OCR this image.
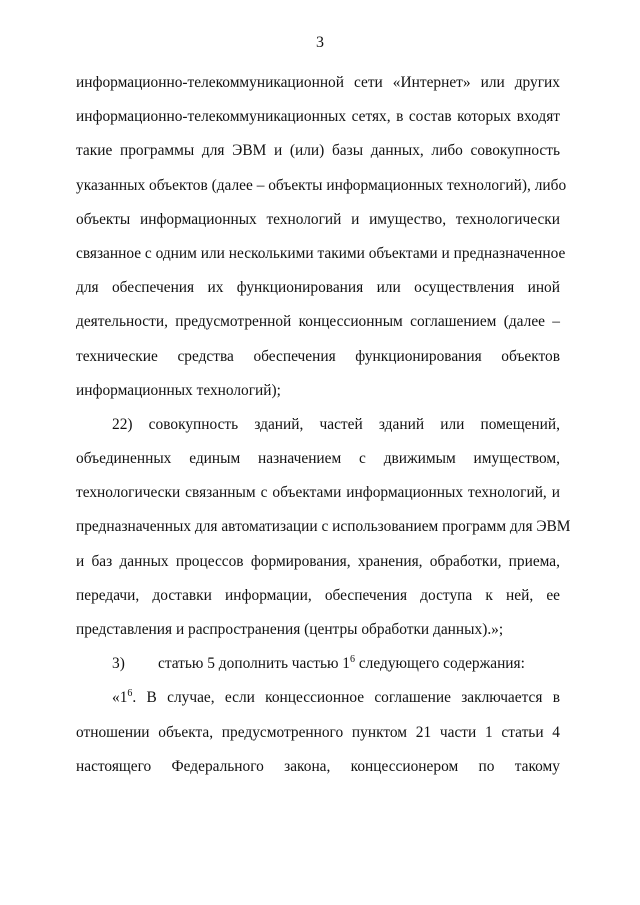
3
информационно-телекоммуникационной сети «Интернет» или других
информационно-телекоммуникационных сетях, в состав которых входят
такие программы для ЭВМ и (или) базы данных, либо совокупность
указанных объектов (далее – объекты информационных технологий), либо
объекты информационных технологий и имущество, технологически
связанное с одним или несколькими такими объектами и предназначенное
для обеспечения их функционирования или осуществления иной
деятельности, предусмотренной концессионным соглашением (далее –
технические средства обеспечения функционирования объектов
информационных технологий);
22) совокупность зданий, частей зданий или помещений,
объединенных единым назначением с движимым имуществом,
технологически связанным с объектами информационных технологий, и
предназначенных для автоматизации с использованием программ для ЭВМ
и баз данных процессов формирования, хранения, обработки, приема,
передачи, доставки информации, обеспечения доступа к ней, ее
представления и распространения (центры обработки данных).»;
3) статью 5 дополнить частью $1^6$ следующего содержания:
«$1^6$. В случае, если концессионное соглашение заключается в
отношении объекта, предусмотренного пунктом 21 части 1 статьи 4
настоящего Федерального закона, концессионером по такому
